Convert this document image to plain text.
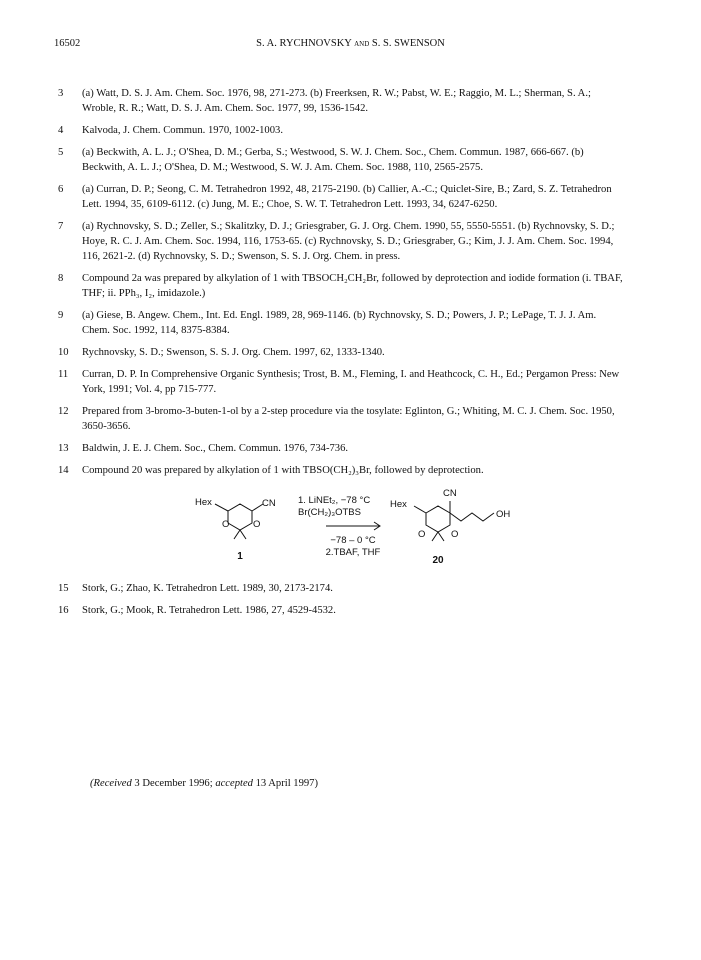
16502	S. A. RYCHNOVSKY and S. S. SWENSON
3 (a) Watt, D. S. J. Am. Chem. Soc. 1976, 98, 271-273. (b) Freerksen, R. W.; Pabst, W. E.; Raggio, M. L.; Sherman, S. A.; Wroble, R. R.; Watt, D. S. J. Am. Chem. Soc. 1977, 99, 1536-1542.
4 Kalvoda, J. Chem. Commun. 1970, 1002-1003.
5 (a) Beckwith, A. L. J.; O'Shea, D. M.; Gerba, S.; Westwood, S. W. J. Chem. Soc., Chem. Commun. 1987, 666-667. (b) Beckwith, A. L. J.; O'Shea, D. M.; Westwood, S. W. J. Am. Chem. Soc. 1988, 110, 2565-2575.
6 (a) Curran, D. P.; Seong, C. M. Tetrahedron 1992, 48, 2175-2190. (b) Callier, A.-C.; Quiclet-Sire, B.; Zard, S. Z. Tetrahedron Lett. 1994, 35, 6109-6112. (c) Jung, M. E.; Choe, S. W. T. Tetrahedron Lett. 1993, 34, 6247-6250.
7 (a) Rychnovsky, S. D.; Zeller, S.; Skalitzky, D. J.; Griesgraber, G. J. Org. Chem. 1990, 55, 5550-5551. (b) Rychnovsky, S. D.; Hoye, R. C. J. Am. Chem. Soc. 1994, 116, 1753-65. (c) Rychnovsky, S. D.; Griesgraber, G.; Kim, J. J. Am. Chem. Soc. 1994, 116, 2621-2. (d) Rychnovsky, S. D.; Swenson, S. S. J. Org. Chem. in press.
8 Compound 2a was prepared by alkylation of 1 with TBSOCH₂CH₂Br, followed by deprotection and iodide formation (i. TBAF, THF; ii. PPh₃, I₂, imidazole.)
9 (a) Giese, B. Angew. Chem., Int. Ed. Engl. 1989, 28, 969-1146. (b) Rychnovsky, S. D.; Powers, J. P.; LePage, T. J. J. Am. Chem. Soc. 1992, 114, 8375-8384.
10 Rychnovsky, S. D.; Swenson, S. S. J. Org. Chem. 1997, 62, 1333-1340.
11 Curran, D. P. In Comprehensive Organic Synthesis; Trost, B. M., Fleming, I. and Heathcock, C. H., Ed.; Pergamon Press: New York, 1991; Vol. 4, pp 715-777.
12 Prepared from 3-bromo-3-buten-1-ol by a 2-step procedure via the tosylate: Eglinton, G.; Whiting, M. C. J. Chem. Soc. 1950, 3650-3656.
13 Baldwin, J. E. J. Chem. Soc., Chem. Commun. 1976, 734-736.
14 Compound 20 was prepared by alkylation of 1 with TBSO(CH₂)₃Br, followed by deprotection.
Hex	CN
O O
1
1. LiNEt₂, −78 °C
Br(CH₂)₃OTBS
−78 – 0 °C
2.TBAF, THF
Hex
CN
OH
O	O
20
15 Stork, G.; Zhao, K. Tetrahedron Lett. 1989, 30, 2173-2174.
16 Stork, G.; Mook, R. Tetrahedron Lett. 1986, 27, 4529-4532.
(Received 3 December 1996; accepted 13 April 1997)
